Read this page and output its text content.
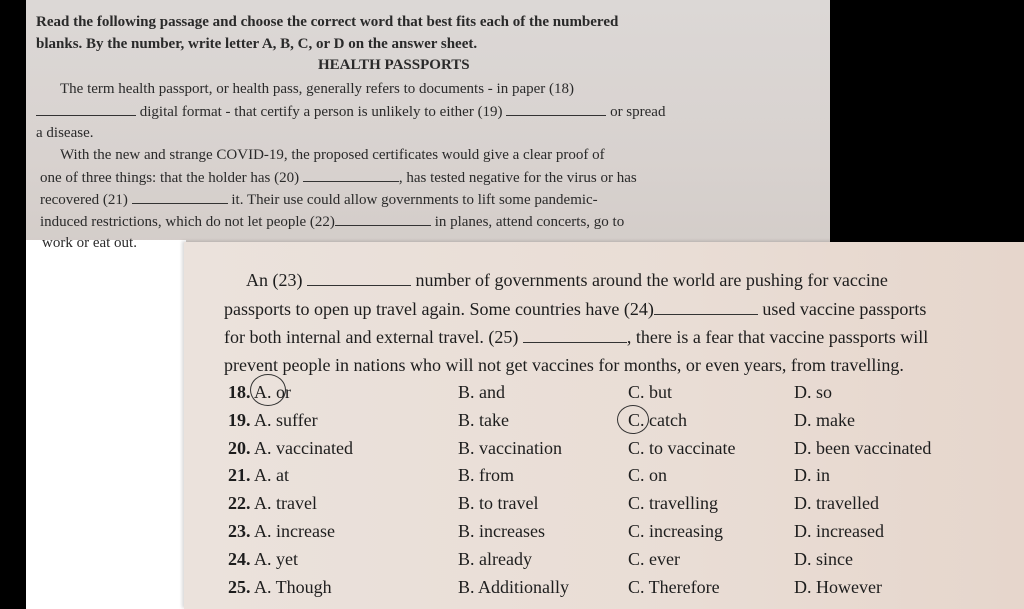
Read the following passage and choose the correct word that best fits each of the numbered
blanks. By the number, write letter A, B, C, or D on the answer sheet.
HEALTH PASSPORTS
The term health passport, or health pass, generally refers to documents - in paper (18)
digital format - that certify a person is unlikely to either (19)	or spread
a disease.
With the new and strange COVID-19, the proposed certificates would give a clear proof of
one of three things: that the holder has (20)	, has tested negative for the virus or has
recovered (21)	it. Their use could allow governments to lift some pandemic-
induced restrictions, which do not let people (22)	in planes, attend concerts, go to
work or eat out.
An (23)	number of governments around the world are pushing for vaccine
passports to open up travel again. Some countries have (24)	used vaccine passports
for both internal and external travel. (25)	, there is a fear that vaccine passports will
prevent people in nations who will not get vaccines for months, or even years, from travelling.
18. A. or	B. and	C. but	D. so
19. A. suffer	B. take	C. catch	D. make
20. A. vaccinated	B. vaccination	C. to vaccinate	D. been vaccinated
21. A. at	B. from	C. on	D. in
22. A. travel	B. to travel	C. travelling	D. travelled
23. A. increase	B. increases	C. increasing	D. increased
24. A. yet	B. already	C. ever	D. since
25. A. Though	B. Additionally	C. Therefore	D. However
